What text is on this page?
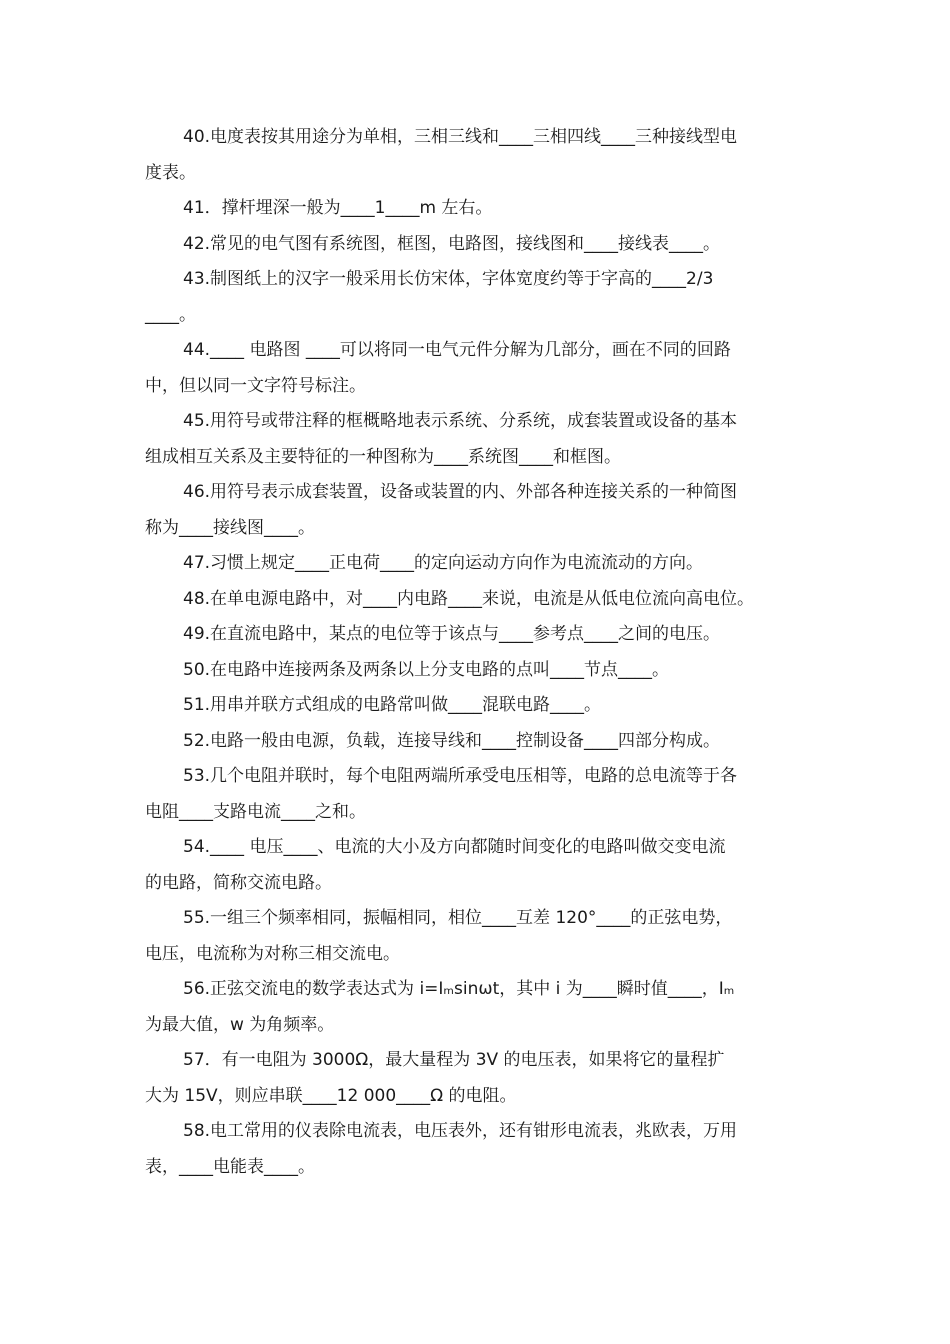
40.电度表按其用途分为单相，三相三线和____三相四线____三种接线型电
度表。

41．撑杆埋深一般为____1____m 左右。

42.常见的电气图有系统图，框图，电路图，接线图和____接线表____。

43.制图纸上的汉字一般采用长仿宋体，字体宽度约等于字高的____2/3
____。

44.____ 电路图 ____可以将同一电气元件分解为几部分，画在不同的回路
中，但以同一文字符号标注。

45.用符号或带注释的框概略地表示系统、分系统，成套装置或设备的基本
组成相互关系及主要特征的一种图称为____系统图____和框图。

46.用符号表示成套装置，设备或装置的内、外部各种连接关系的一种简图
称为____接线图____。

47.习惯上规定____正电荷____的定向运动方向作为电流流动的方向。

48.在单电源电路中，对____内电路____来说，电流是从低电位流向高电位。

49.在直流电路中，某点的电位等于该点与____参考点____之间的电压。

50.在电路中连接两条及两条以上分支电路的点叫____节点____。

51.用串并联方式组成的电路常叫做____混联电路____。

52.电路一般由电源，负载，连接导线和____控制设备____四部分构成。

53.几个电阻并联时，每个电阻两端所承受电压相等，电路的总电流等于各
电阻____支路电流____之和。

54.____ 电压____、电流的大小及方向都随时间变化的电路叫做交变电流
的电路，简称交流电路。

55.一组三个频率相同，振幅相同，相位____互差 120°____的正弦电势，
电压，电流称为对称三相交流电。

56.正弦交流电的数学表达式为 i=Iₘsinωt，其中 i 为____瞬时值____，Iₘ
为最大值，w 为角频率。

57．有一电阻为 3000Ω，最大量程为 3V 的电压表，如果将它的量程扩
大为 15V，则应串联____12 000____Ω 的电阻。

58.电工常用的仪表除电流表，电压表外，还有钳形电流表，兆欧表，万用
表，____电能表____。
